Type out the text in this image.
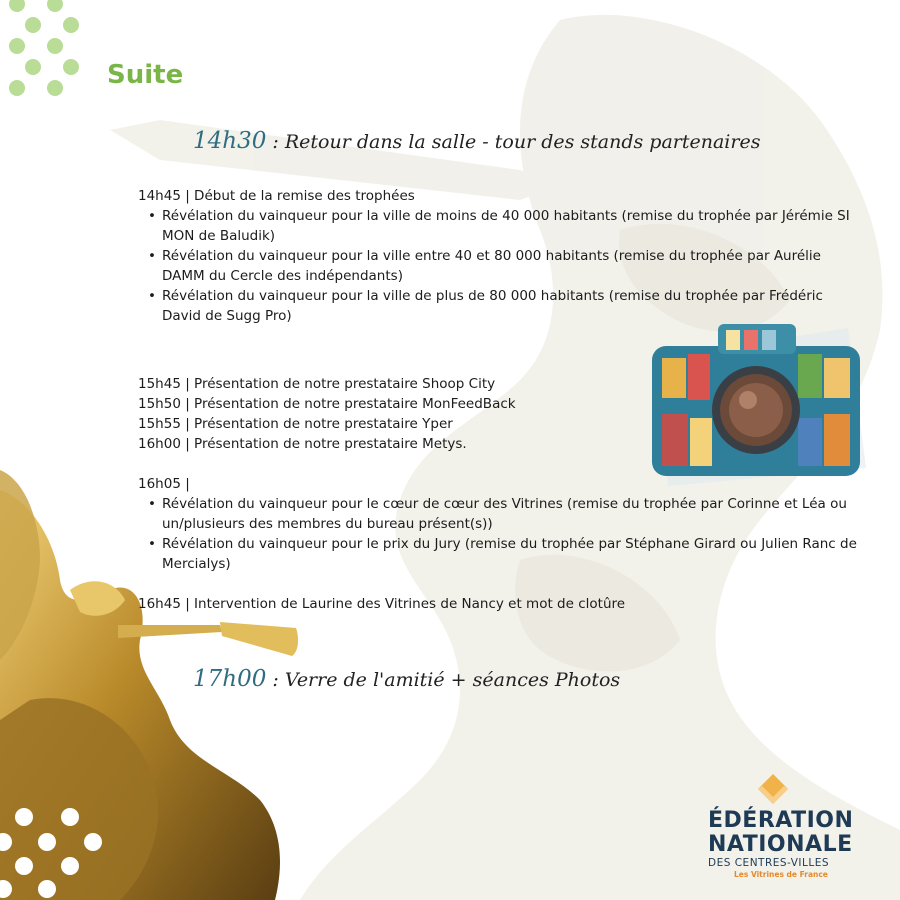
Suite
14h30 : Retour dans la salle - tour des stands partenaires

14h45 | Début de la remise des trophées

• Révélation du vainqueur pour la ville de moins de 40 000 habitants (remise du trophée par Jérémie SI MON de Baludik)
• Révélation du vainqueur pour la ville entre 40 et 80 000 habitants (remise du trophée par Aurélie DAMM du Cercle des indépendants)
• Révélation du vainqueur pour la ville de plus de 80 000 habitants (remise du trophée par Frédéric David de Sugg Pro)

15h45 | Présentation de notre prestataire Shoop City

15h50 | Présentation de notre prestataire MonFeedBack

15h55 | Présentation de notre prestataire Yper

16h00 | Présentation de notre prestataire Metys.

16h05 |

• Révélation du vainqueur pour le cœur de cœur des Vitrines (remise du trophée par Corinne et Léa ou un/plusieurs des membres du bureau présent(s))
• Révélation du vainqueur pour le prix du Jury (remise du trophée par Stéphane Girard ou Julien Ranc de Mercialys)

16h45 | Intervention de Laurine des Vitrines de Nancy et mot de clotûre

17h00 : Verre de l'amitié + séances Photos
ÉDÉRATION
NATIONALE
DES CENTRES-VILLES
Les Vitrines de France
